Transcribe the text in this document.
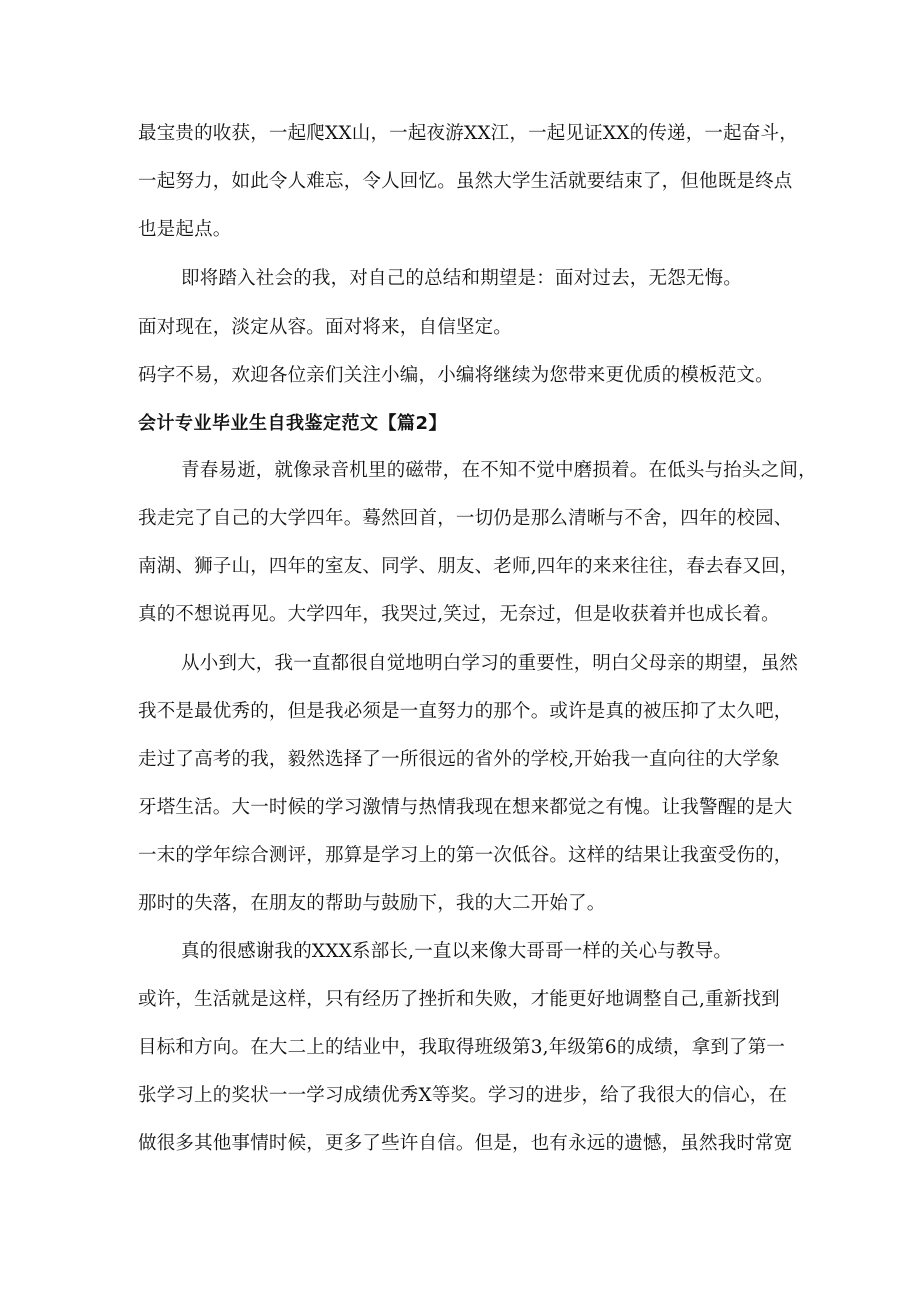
最宝贵的收获，一起爬XX山，一起夜游XX江，一起见证XX的传递，一起奋斗，
一起努力，如此令人难忘，令人回忆。虽然大学生活就要结束了，但他既是终点
也是起点。
即将踏入社会的我，对自己的总结和期望是：面对过去，无怨无悔。
面对现在，淡定从容。面对将来，自信坚定。
码字不易，欢迎各位亲们关注小编，小编将继续为您带来更优质的模板范文。
会计专业毕业生自我鉴定范文【篇2】
青春易逝，就像录音机里的磁带，在不知不觉中磨损着。在低头与抬头之间，
我走完了自己的大学四年。蓦然回首，一切仍是那么清晰与不舍，四年的校园、
南湖、狮子山，四年的室友、同学、朋友、老师,四年的来来往往，春去春又回，
真的不想说再见。大学四年，我哭过,笑过，无奈过，但是收获着并也成长着。
从小到大，我一直都很自觉地明白学习的重要性，明白父母亲的期望，虽然
我不是最优秀的，但是我必须是一直努力的那个。或许是真的被压抑了太久吧，
走过了高考的我，毅然选择了一所很远的省外的学校,开始我一直向往的大学象
牙塔生活。大一时候的学习激情与热情我现在想来都觉之有愧。让我警醒的是大
一末的学年综合测评，那算是学习上的第一次低谷。这样的结果让我蛮受伤的，
那时的失落，在朋友的帮助与鼓励下，我的大二开始了。
真的很感谢我的XXX系部长,一直以来像大哥哥一样的关心与教导。
或许，生活就是这样，只有经历了挫折和失败，才能更好地调整自己,重新找到
目标和方向。在大二上的结业中，我取得班级第3,年级第6的成绩，拿到了第一
张学习上的奖状一一学习成绩优秀X等奖。学习的进步，给了我很大的信心，在
做很多其他事情时候，更多了些许自信。但是，也有永远的遗憾，虽然我时常宽
